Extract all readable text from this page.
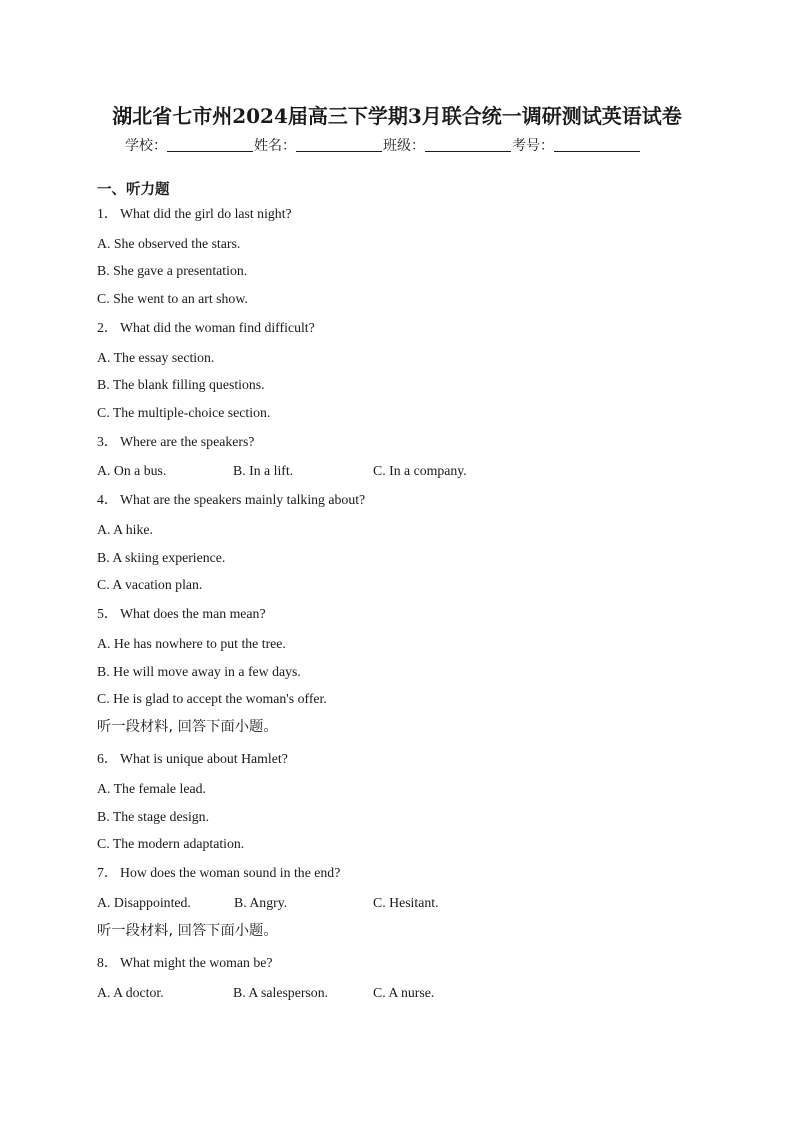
湖北省七市州2024届高三下学期3月联合统一调研测试英语试卷
学校：	姓名：	班级：	考号：
一、听力题
1． What did the girl do last night?
A. She observed the stars.
B. She gave a presentation.
C. She went to an art show.
2． What did the woman find difficult?
A. The essay section.
B. The blank filling questions.
C. The multiple-choice section.
3． Where are the speakers?
A. On a bus.	B. In a lift.	C. In a company.
4． What are the speakers mainly talking about?
A. A hike.
B. A skiing experience.
C. A vacation plan.
5． What does the man mean?
A. He has nowhere to put the tree.
B. He will move away in a few days.
C. He is glad to accept the woman's offer.
听一段材料, 回答下面小题。
6． What is unique about Hamlet?
A. The female lead.
B. The stage design.
C. The modern adaptation.
7． How does the woman sound in the end?
A. Disappointed.	B. Angry.	C. Hesitant.
听一段材料, 回答下面小题。
8． What might the woman be?
A. A doctor.	B. A salesperson.	C. A nurse.
